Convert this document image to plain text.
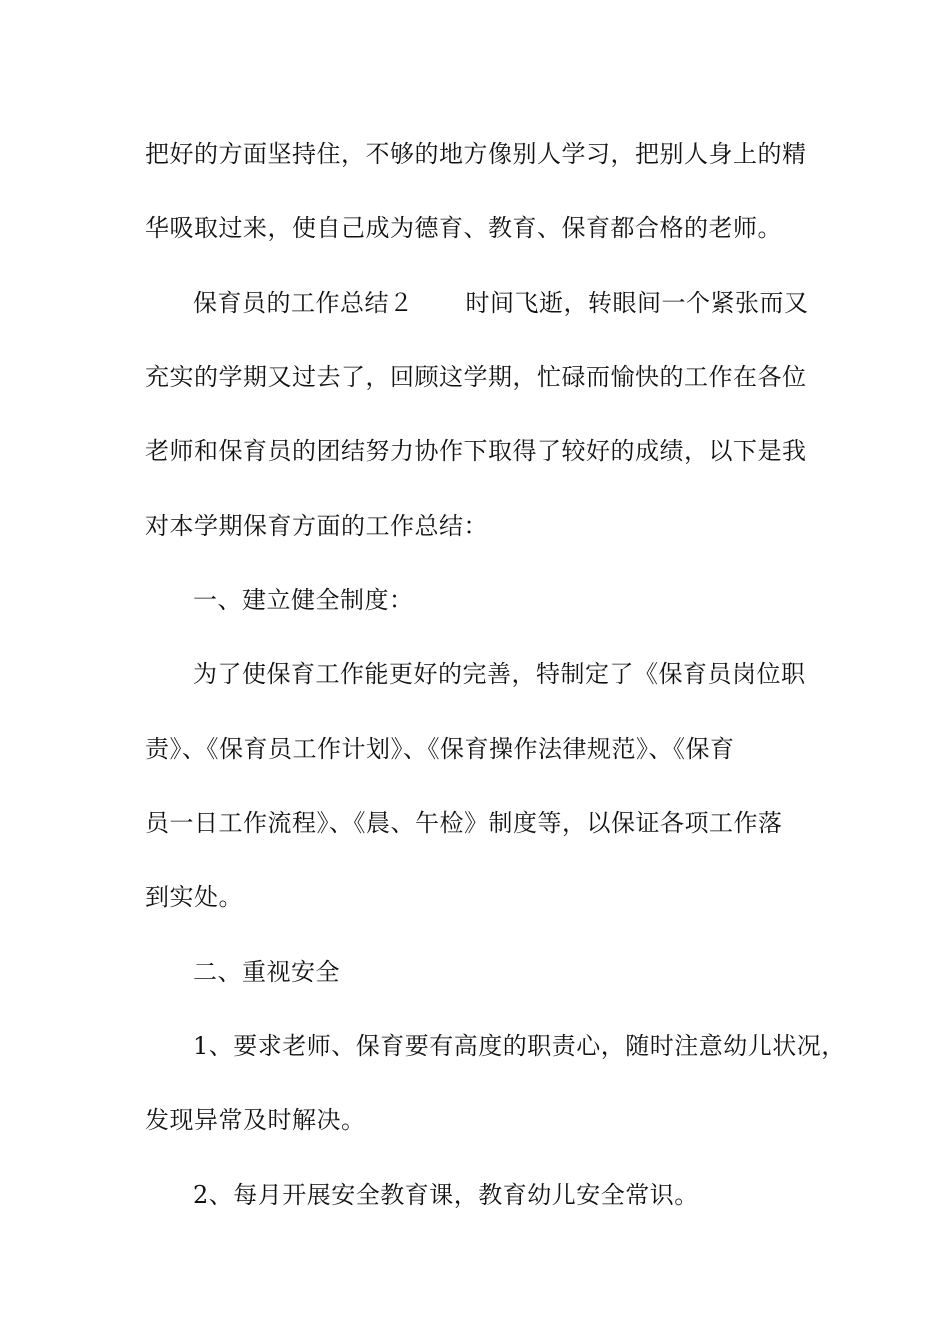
把好的方面坚持住，不够的地方像别人学习，把别人身上的精
华吸取过来，使自己成为德育、教育、保育都合格的老师。
保育员的工作总结２ 时间飞逝，转眼间一个紧张而又
充实的学期又过去了，回顾这学期，忙碌而愉快的工作在各位
老师和保育员的团结努力协作下取得了较好的成绩，以下是我
对本学期保育方面的工作总结：
一、建立健全制度：
为了使保育工作能更好的完善，特制定了《保育员岗位职
责》、《保育员工作计划》、《保育操作法律规范》、《保育
员一日工作流程》、《晨、午检》制度等，以保证各项工作落
到实处。
二、重视安全
1、要求老师、保育要有高度的职责心，随时注意幼儿状况，
发现异常及时解决。
2、每月开展安全教育课，教育幼儿安全常识。
